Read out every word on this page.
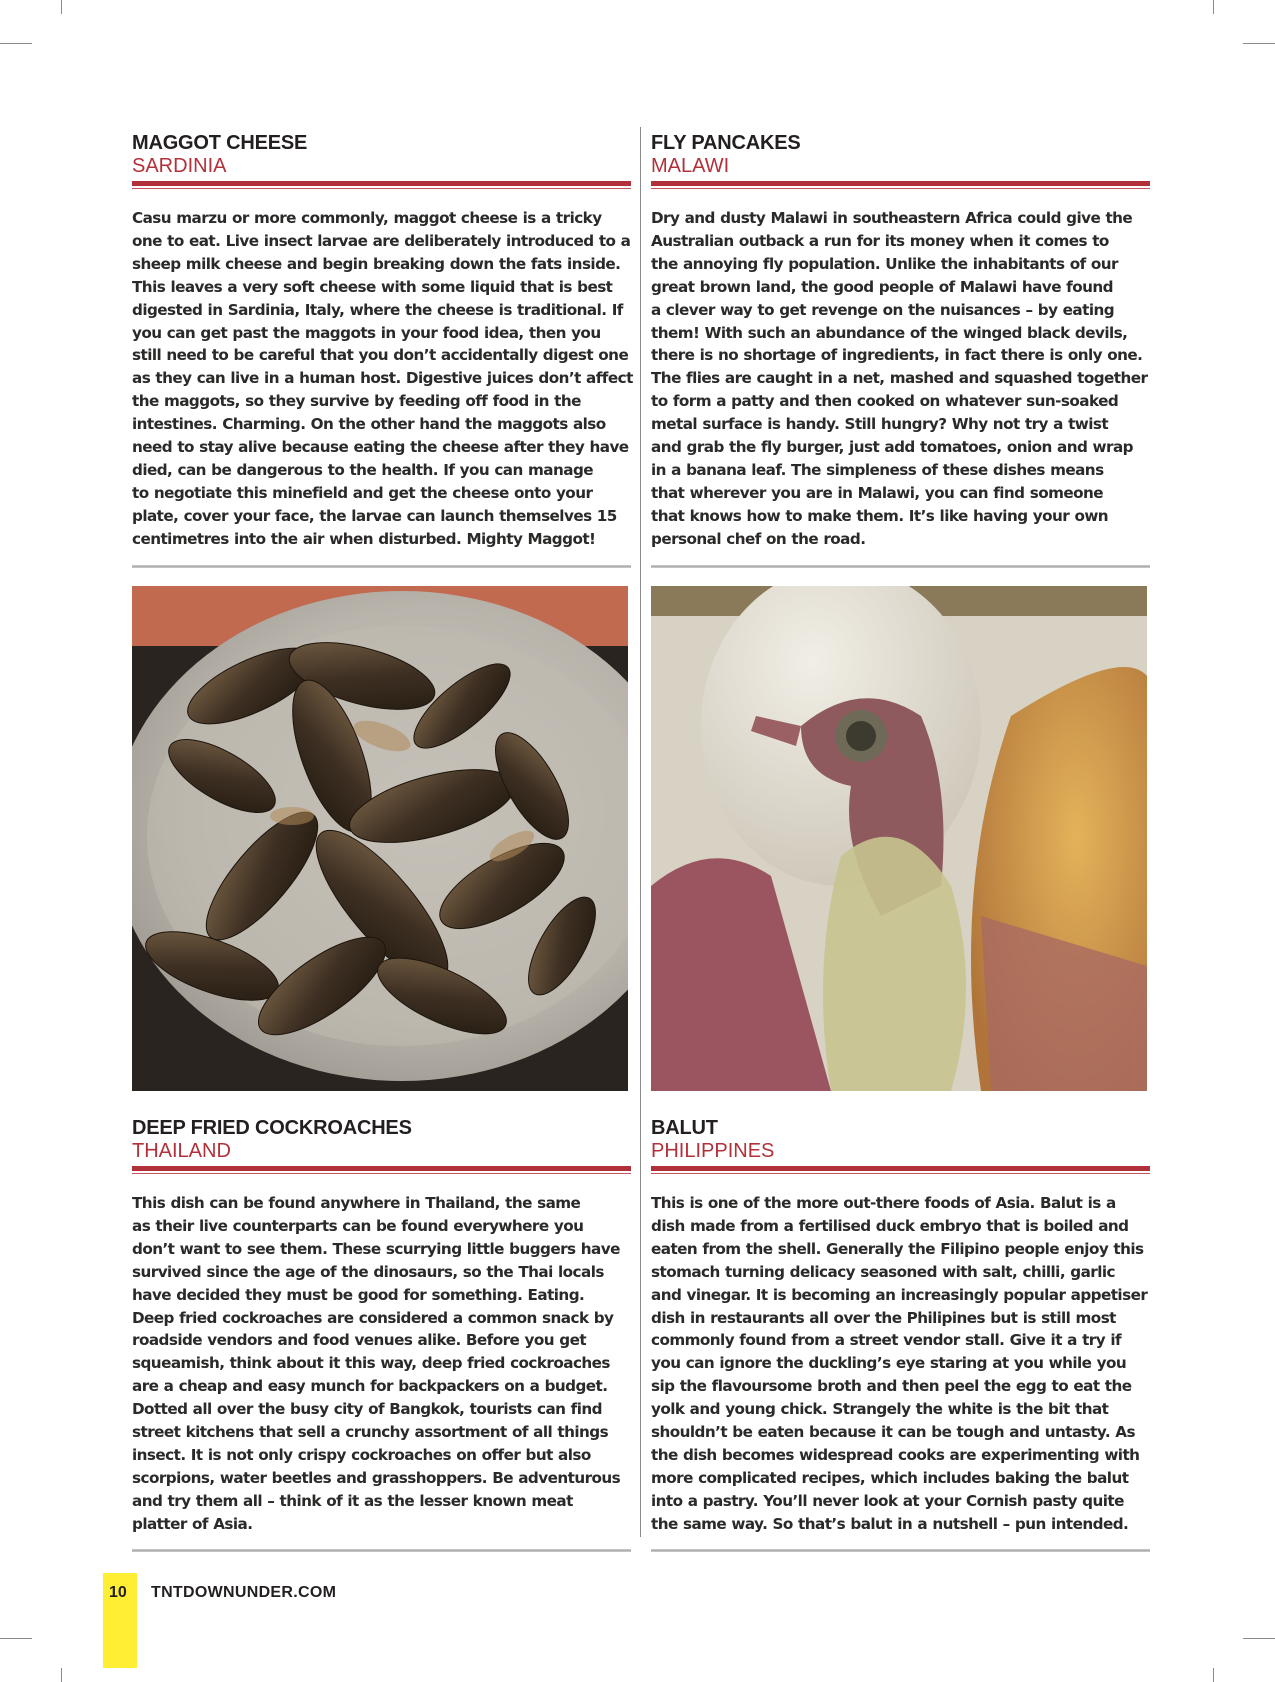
MAGGOT CHEESE
SARDINIA
Casu marzu or more commonly, maggot cheese is a tricky
one to eat. Live insect larvae are deliberately introduced to a
sheep milk cheese and begin breaking down the fats inside.
This leaves a very soft cheese with some liquid that is best
digested in Sardinia, Italy, where the cheese is traditional. If
you can get past the maggots in your food idea, then you
still need to be careful that you don’t accidentally digest one
as they can live in a human host. Digestive juices don’t affect
the maggots, so they survive by feeding off food in the
intestines. Charming. On the other hand the maggots also
need to stay alive because eating the cheese after they have
died, can be dangerous to the health. If you can manage
to negotiate this minefield and get the cheese onto your
plate, cover your face, the larvae can launch themselves 15
centimetres into the air when disturbed. Mighty Maggot!
FLY PANCAKES
MALAWI
Dry and dusty Malawi in southeastern Africa could give the
Australian outback a run for its money when it comes to
the annoying fly population. Unlike the inhabitants of our
great brown land, the good people of Malawi have found
a clever way to get revenge on the nuisances – by eating
them! With such an abundance of the winged black devils,
there is no shortage of ingredients, in fact there is only one.
The flies are caught in a net, mashed and squashed together
to form a patty and then cooked on whatever sun-soaked
metal surface is handy. Still hungry? Why not try a twist
and grab the fly burger, just add tomatoes, onion and wrap
in a banana leaf. The simpleness of these dishes means
that wherever you are in Malawi, you can find someone
that knows how to make them. It’s like having your own
personal chef on the road.
DEEP FRIED COCKROACHES
THAILAND
This dish can be found anywhere in Thailand, the same
as their live counterparts can be found everywhere you
don’t want to see them. These scurrying little buggers have
survived since the age of the dinosaurs, so the Thai locals
have decided they must be good for something. Eating.
Deep fried cockroaches are considered a common snack by
roadside vendors and food venues alike. Before you get
squeamish, think about it this way, deep fried cockroaches
are a cheap and easy munch for backpackers on a budget.
Dotted all over the busy city of Bangkok, tourists can find
street kitchens that sell a crunchy assortment of all things
insect. It is not only crispy cockroaches on offer but also
scorpions, water beetles and grasshoppers. Be adventurous
and try them all – think of it as the lesser known meat
platter of Asia.
BALUT
PHILIPPINES
This is one of the more out-there foods of Asia. Balut is a
dish made from a fertilised duck embryo that is boiled and
eaten from the shell. Generally the Filipino people enjoy this
stomach turning delicacy seasoned with salt, chilli, garlic
and vinegar. It is becoming an increasingly popular appetiser
dish in restaurants all over the Philipines but is still most
commonly found from a street vendor stall. Give it a try if
you can ignore the duckling’s eye staring at you while you
sip the flavoursome broth and then peel the egg to eat the
yolk and young chick. Strangely the white is the bit that
shouldn’t be eaten because it can be tough and untasty. As
the dish becomes widespread cooks are experimenting with
more complicated recipes, which includes baking the balut
into a pastry. You’ll never look at your Cornish pasty quite
the same way. So that’s balut in a nutshell – pun intended.
10 TNTDOWNUNDER.COM
